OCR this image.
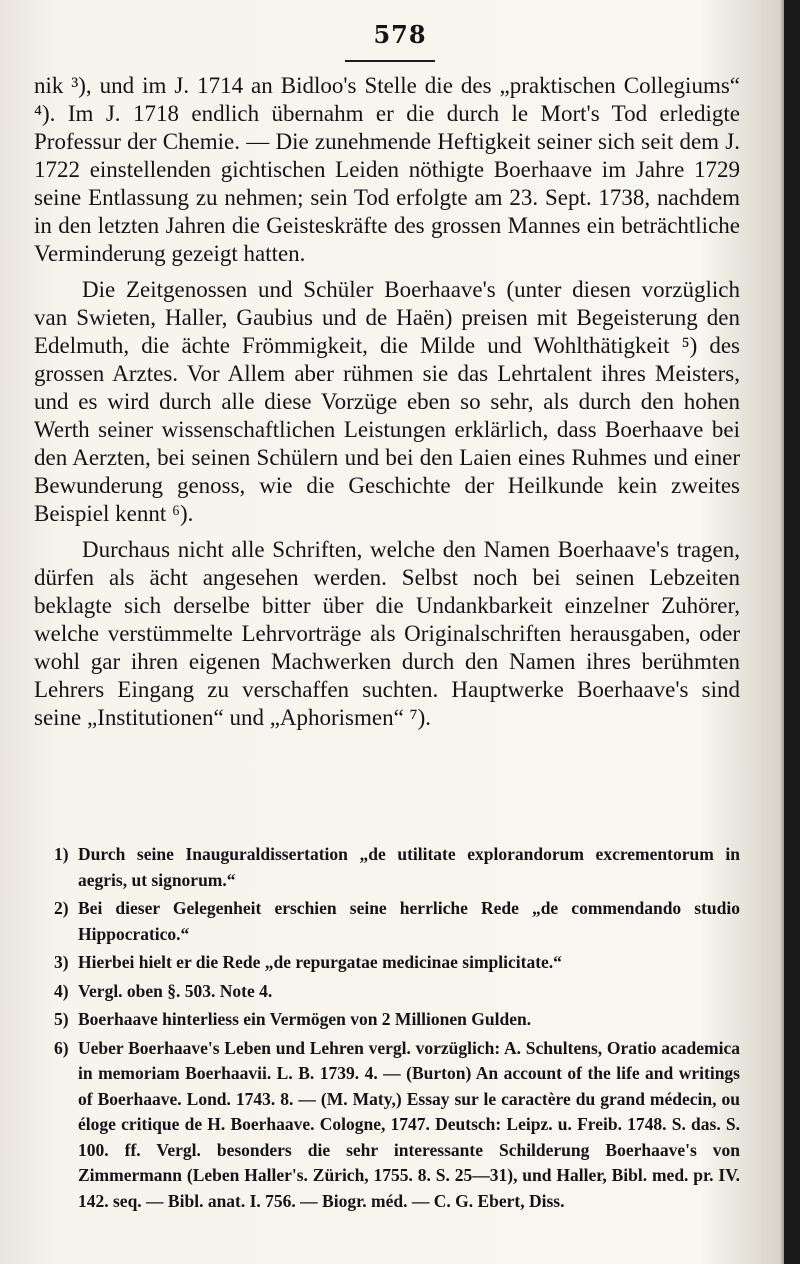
578

nik ³), und im J. 1714 an Bidloo's Stelle die des „praktischen Collegiums“ ⁴). Im J. 1718 endlich übernahm er die durch le Mort's Tod erledigte Professur der Chemie. — Die zunehmende Heftigkeit seiner sich seit dem J. 1722 einstellenden gichtischen Leiden nöthigte Boerhaave im Jahre 1729 seine Entlassung zu nehmen; sein Tod erfolgte am 23. Sept. 1738, nachdem in den letzten Jahren die Geisteskräfte des grossen Mannes ein beträchtliche Verminderung gezeigt hatten.

Die Zeitgenossen und Schüler Boerhaave's (unter diesen vorzüglich van Swieten, Haller, Gaubius und de Haën) preisen mit Begeisterung den Edelmuth, die ächte Frömmigkeit, die Milde und Wohlthätigkeit ⁵) des grossen Arztes. Vor Allem aber rühmen sie das Lehrtalent ihres Meisters, und es wird durch alle diese Vorzüge eben so sehr, als durch den hohen Werth seiner wissenschaftlichen Leistungen erklärlich, dass Boerhaave bei den Aerzten, bei seinen Schülern und bei den Laien eines Ruhmes und einer Bewunderung genoss, wie die Geschichte der Heilkunde kein zweites Beispiel kennt ⁶).

Durchaus nicht alle Schriften, welche den Namen Boerhaave's tragen, dürfen als ächt angesehen werden. Selbst noch bei seinen Lebzeiten beklagte sich derselbe bitter über die Undankbarkeit einzelner Zuhörer, welche verstümmelte Lehrvorträge als Originalschriften herausgaben, oder wohl gar ihren eigenen Machwerken durch den Namen ihres berühmten Lehrers Eingang zu verschaffen suchten. Hauptwerke Boerhaave's sind seine „Institutionen“ und „Aphorismen“ ⁷).

1) Durch seine Inauguraldissertation „de utilitate explorandorum excrementorum in aegris, ut signorum.“
2) Bei dieser Gelegenheit erschien seine herrliche Rede „de commendando studio Hippocratico.“
3) Hierbei hielt er die Rede „de repurgatae medicinae simplicitate.“
4) Vergl. oben §. 503. Note 4.
5) Boerhaave hinterliess ein Vermögen von 2 Millionen Gulden.
6) Ueber Boerhaave's Leben und Lehren vergl. vorzüglich: A. Schultens, Oratio academica in memoriam Boerhaavii. L. B. 1739. 4. — (Burton) An account of the life and writings of Boerhaave. Lond. 1743. 8. — (M. Maty,) Essay sur le caractère du grand médecin, ou éloge critique de H. Boerhaave. Cologne, 1747. Deutsch: Leipz. u. Freib. 1748. S. das. S. 100. ff. Vergl. besonders die sehr interessante Schilderung Boerhaave's von Zimmermann (Leben Haller's. Zürich, 1755. 8. S. 25—31), und Haller, Bibl. med. pr. IV. 142. seq. — Bibl. anat. I. 756. — Biogr. méd. — C. G. Ebert, Diss.
